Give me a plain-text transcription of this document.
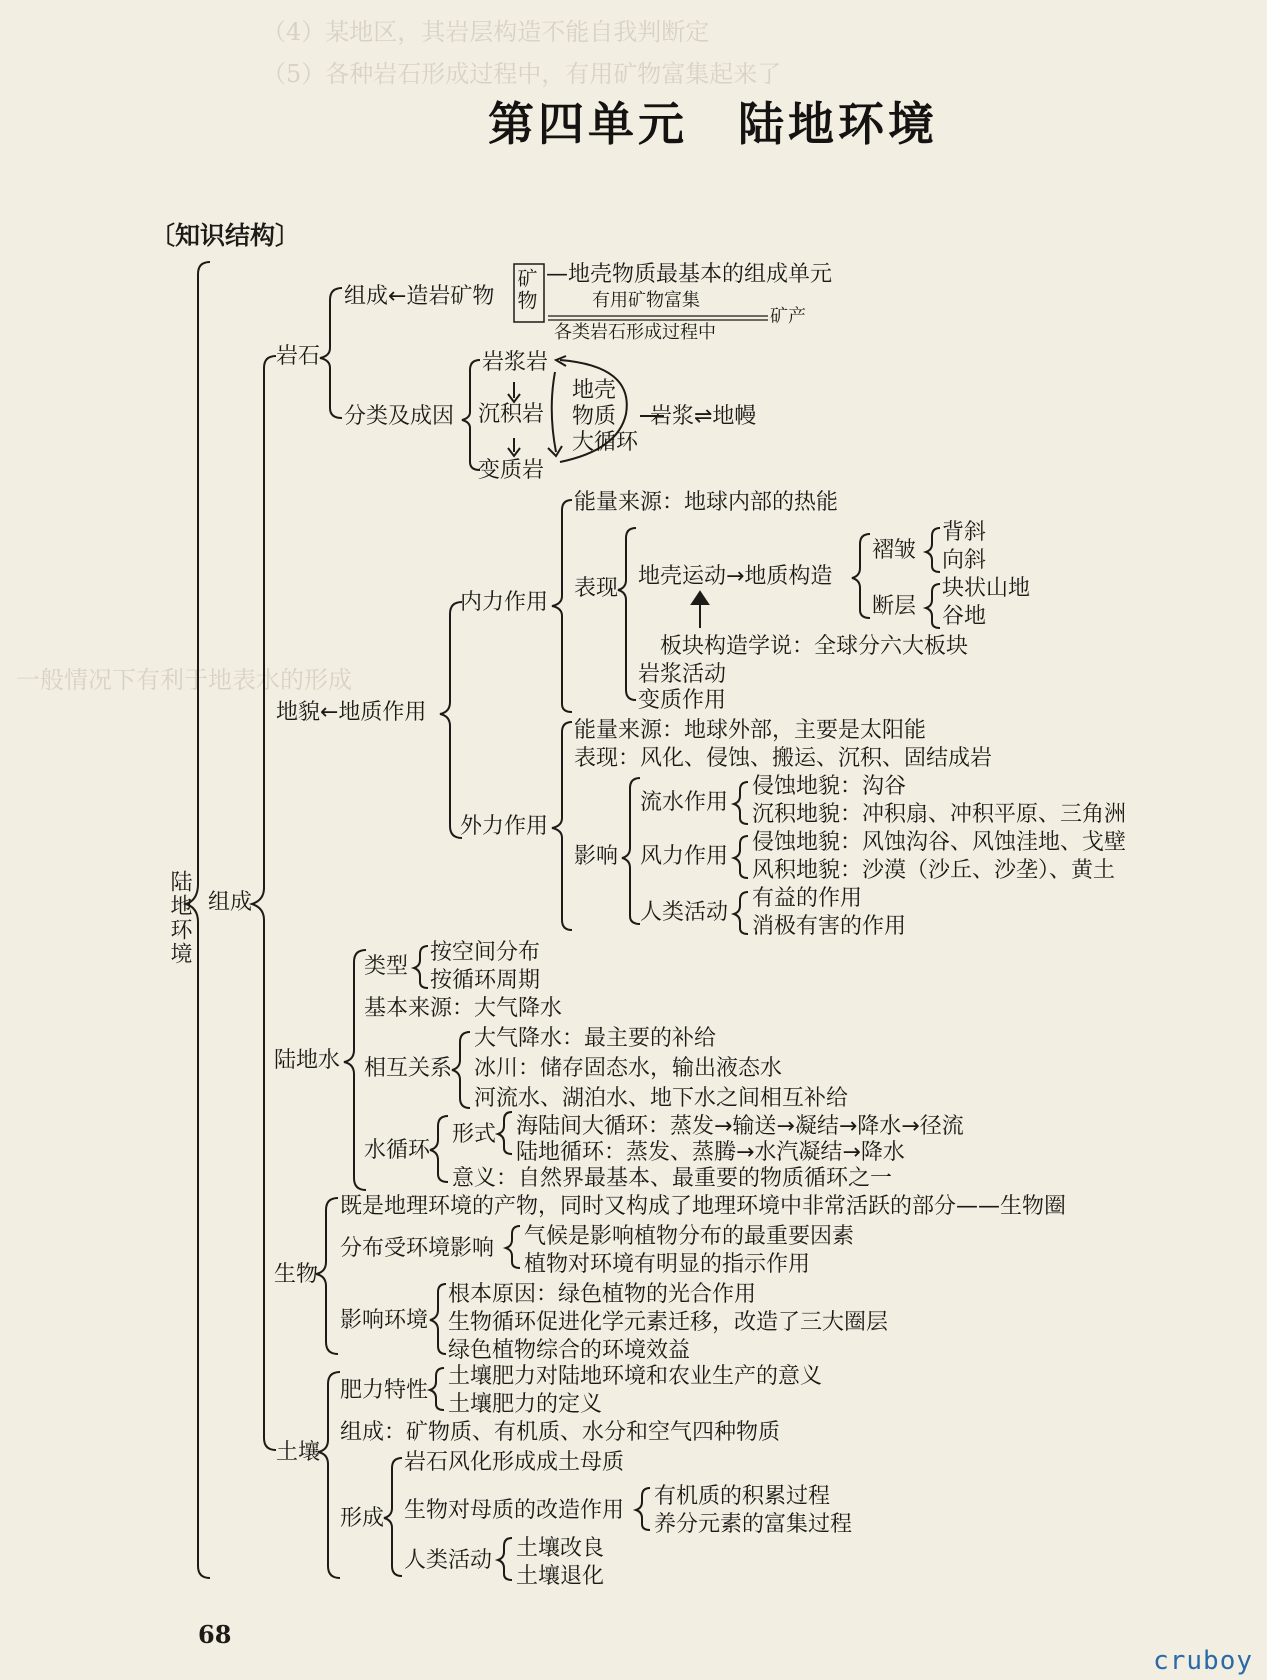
（4）某地区，其岩层构造不能自我判断定
（5）各种岩石形成过程中，有用矿物富集起来了
一般情况下有利于地表水的形成
第四单元　陆地环境
〔知识结构〕
陆地环境 组成
岩石
组成←造岩矿物 矿物 —地壳物质最基本的组成单元
有用矿物富集
矿产
各类岩石形成过程中
分类及成因
岩浆岩
沉积岩
变质岩
地壳
物质
大循环
岩浆⇌地幔
地貌←地质作用
内力作用
能量来源：地球内部的热能
表现 地壳运动→地质构造
褶皱
背斜
向斜
断层
块状山地
谷地
板块构造学说：全球分六大板块
岩浆活动
变质作用
外力作用
能量来源：地球外部，主要是太阳能
表现：风化、侵蚀、搬运、沉积、固结成岩
影响
流水作用
侵蚀地貌：沟谷
沉积地貌：冲积扇、冲积平原、三角洲
风力作用
侵蚀地貌：风蚀沟谷、风蚀洼地、戈壁
风积地貌：沙漠（沙丘、沙垄）、黄土
人类活动
有益的作用
消极有害的作用
陆地水
类型
按空间分布
按循环周期
基本来源：大气降水
相互关系
大气降水：最主要的补给
冰川：储存固态水，输出液态水
河流水、湖泊水、地下水之间相互补给
水循环
形式 海陆间大循环：蒸发→输送→凝结→降水→径流
陆地循环：蒸发、蒸腾→水汽凝结→降水
意义：自然界最基本、最重要的物质循环之一
生物
既是地理环境的产物，同时又构成了地理环境中非常活跃的部分——生物圈
分布受环境影响 气候是影响植物分布的最重要因素
植物对环境有明显的指示作用
影响环境
根本原因：绿色植物的光合作用
生物循环促进化学元素迁移，改造了三大圈层
绿色植物综合的环境效益
土壤
肥力特性
土壤肥力对陆地环境和农业生产的意义
土壤肥力的定义
组成：矿物质、有机质、水分和空气四种物质
形成
岩石风化形成成土母质
生物对母质的改造作用
有机质的积累过程
养分元素的富集过程
人类活动 土壤改良
土壤退化
68
cruboy
